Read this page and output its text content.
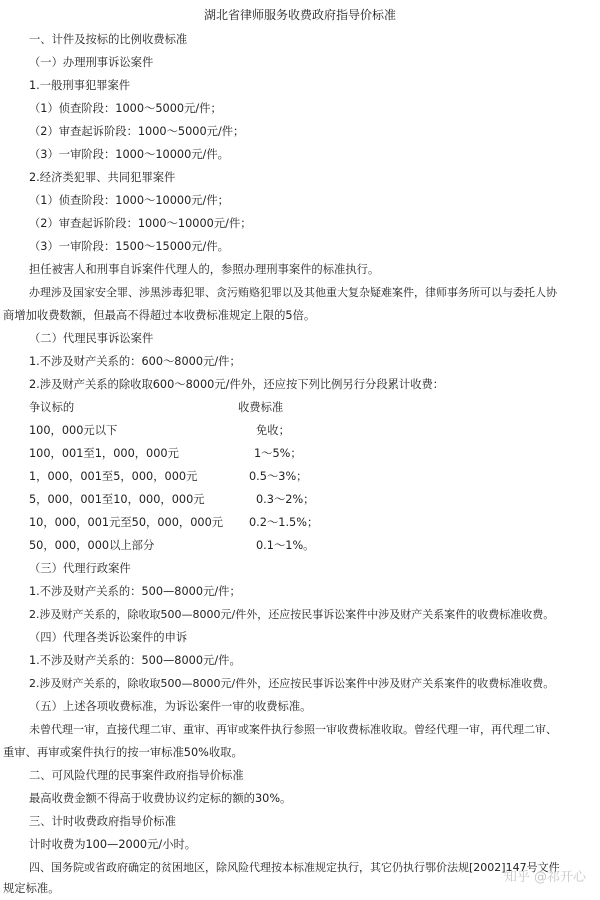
湖北省律师服务收费政府指导价标准
一、计件及按标的比例收费标准
（一）办理刑事诉讼案件
1.一般刑事犯罪案件
（1）侦查阶段：1000～5000元/件；
（2）审查起诉阶段：1000～5000元/件；
（3）一审阶段：1000～10000元/件。
2.经济类犯罪、共同犯罪案件
（1）侦查阶段：1000～10000元/件；
（2）审查起诉阶段：1000～10000元/件；
（3）一审阶段：1500～15000元/件。
担任被害人和刑事自诉案件代理人的，参照办理刑事案件的标准执行。
办理涉及国家安全罪、涉黑涉毒犯罪、贪污贿赂犯罪以及其他重大复杂疑难案件，律师事务所可以与委托人协
商增加收费数额，但最高不得超过本收费标准规定上限的5倍。
（二）代理民事诉讼案件
1.不涉及财产关系的：600～8000元/件；
2.涉及财产关系的除收取600～8000元/件外，还应按下列比例另行分段累计收费：
争议标的	收费标准
100，000元以下	免收；
100，001至1，000，000元	1～5%；
1，000，001至5，000，000元	0.5～3%；
5，000，001至10，000，000元	0.3～2%；
10，000，001元至50，000，000元 0.2～1.5%；
50，000，000以上部分	0.1～1%。
（三）代理行政案件
1.不涉及财产关系的：500—8000元/件；
2.涉及财产关系的，除收取500—8000元/件外，还应按民事诉讼案件中涉及财产关系案件的收费标准收费。
（四）代理各类诉讼案件的申诉
1.不涉及财产关系的：500—8000元/件。
2.涉及财产关系的，除收取500—8000元/件外，还应按民事诉讼案件中涉及财产关系案件的收费标准收费。
（五）上述各项收费标准，为诉讼案件一审的收费标准。
未曾代理一审，直接代理二审、重审、再审或案件执行参照一审收费标准收取。曾经代理一审，再代理二审、
重审、再审或案件执行的按一审标准50%收取。
二、可风险代理的民事案件政府指导价标准
最高收费金额不得高于收费协议约定标的额的30%。
三、计时收费政府指导价标准
计时收费为100—2000元/小时。
四、国务院或省政府确定的贫困地区，除风险代理按本标准规定执行，其它仍执行鄂价法规[2002]147号文件
规定标准。
知乎 @祁开心
